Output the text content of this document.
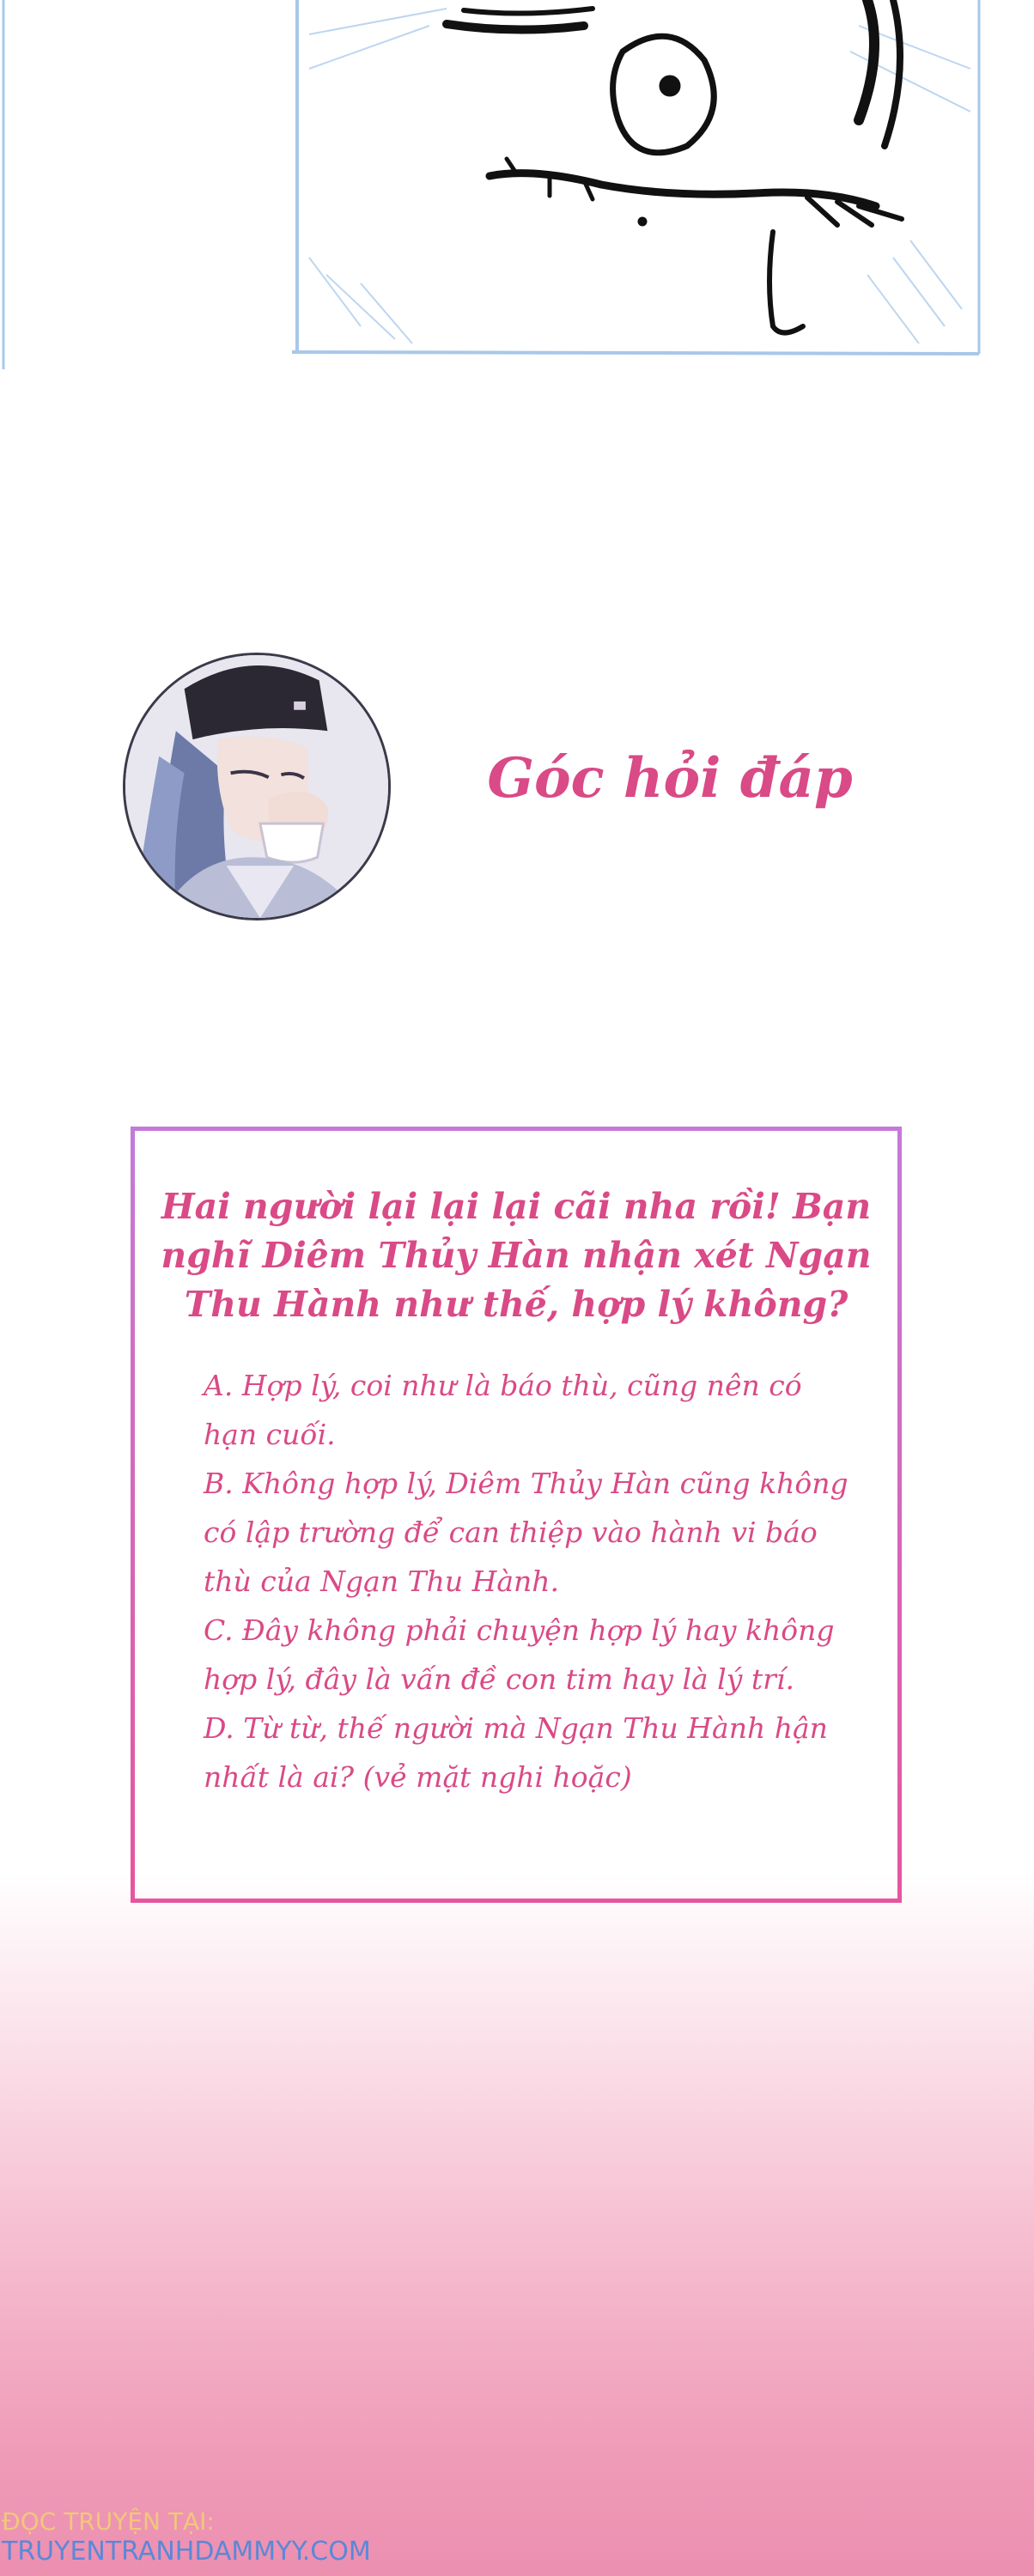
Góc hỏi đáp
Hai người lại lại lại cãi nha rồi! Bạn nghĩ Diêm Thủy Hàn nhận xét Ngạn Thu Hành như thế, hợp lý không?

A. Hợp lý, coi như là báo thù, cũng nên có hạn cuối.

B. Không hợp lý, Diêm Thủy Hàn cũng không có lập trường để can thiệp vào hành vi báo thù của Ngạn Thu Hành.

C. Đây không phải chuyện hợp lý hay không hợp lý, đây là vấn đề con tim hay là lý trí.

D. Từ từ, thế người mà Ngạn Thu Hành hận nhất là ai? (vẻ mặt nghi hoặc)

ĐỌC TRUYỆN TẠI:
TRUYENTRANHDAMMYY.COM
